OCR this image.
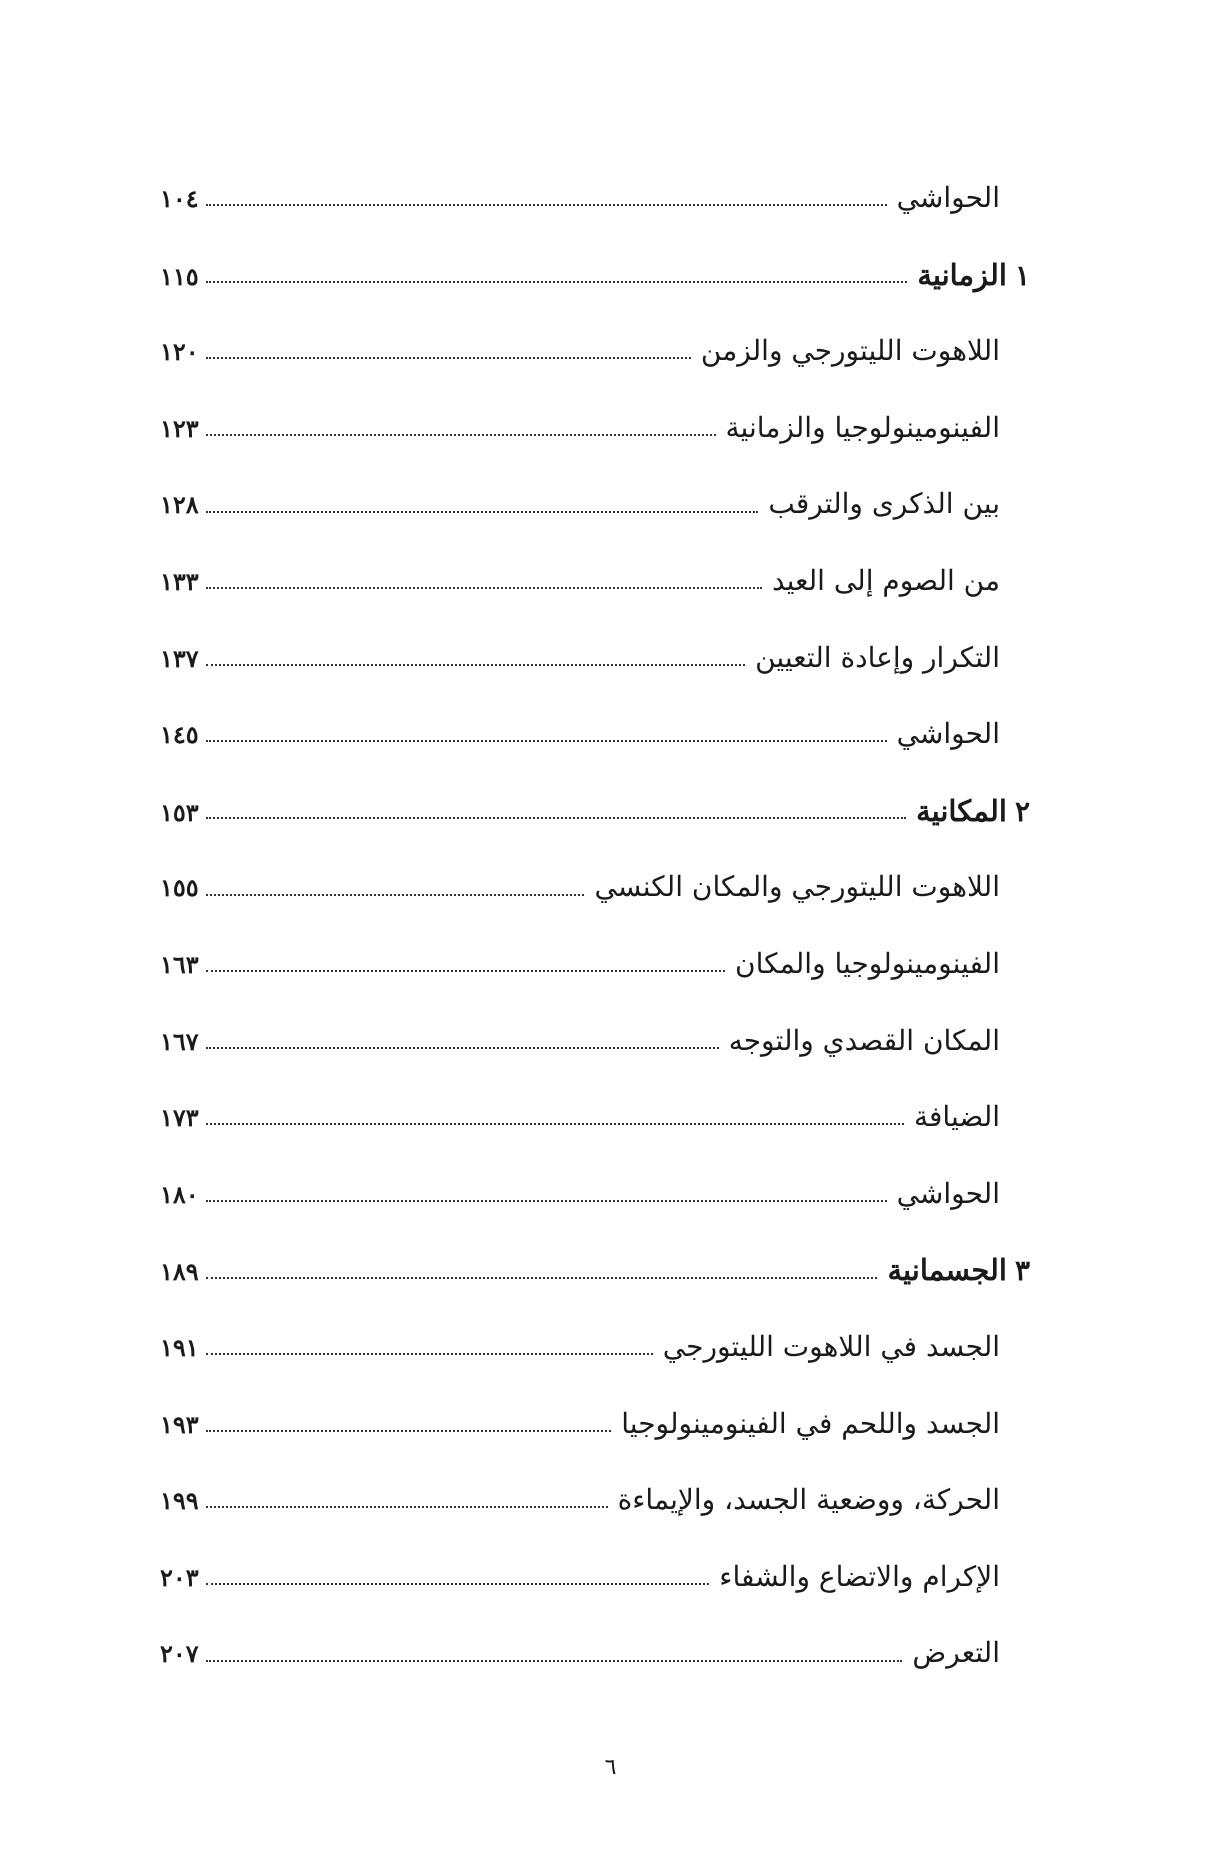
الحواشي
١٠٤
١
الزمانية
١١٥
اللاهوت الليتورجي والزمن
١٢٠
الفينومينولوجيا والزمانية
١٢٣
بين الذكرى والترقب
١٢٨
من الصوم إلى العيد
١٣٣
التكرار وإعادة التعيين
١٣٧
الحواشي
١٤٥
٢
المكانية
١٥٣
اللاهوت الليتورجي والمكان الكنسي
١٥٥
الفينومينولوجيا والمكان
١٦٣
المكان القصدي والتوجه
١٦٧
الضيافة
١٧٣
الحواشي
١٨٠
٣
الجسمانية
١٨٩
الجسد في اللاهوت الليتورجي
١٩١
الجسد واللحم في الفينومينولوجيا
١٩٣
الحركة، ووضعية الجسد، والإيماءة
١٩٩
الإكرام والاتضاع والشفاء
٢٠٣
التعرض
٢٠٧
٦
